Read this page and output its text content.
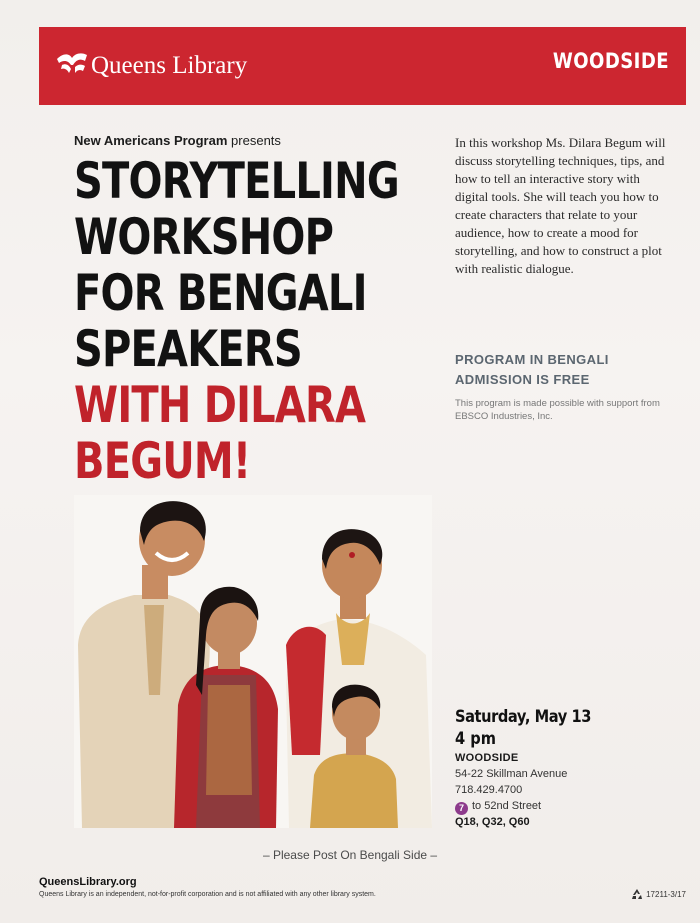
Queens Library	WOODSIDE
New Americans Program presents
STORYTELLING
WORKSHOP
FOR BENGALI
SPEAKERS
WITH DILARA
BEGUM!
In this workshop Ms. Dilara Begum will discuss storytelling techniques, tips, and how to tell an interactive story with digital tools. She will teach you how to create characters that relate to your audience, how to create a mood for storytelling, and how to construct a plot with realistic dialogue.
PROGRAM IN BENGALI
ADMISSION IS FREE
This program is made possible with support from EBSCO Industries, Inc.
Saturday, May 13
4 pm
WOODSIDE
54-22 Skillman Avenue
718.429.4700
7 to 52nd Street
Q18, Q32, Q60
– Please Post On Bengali Side –
QueensLibrary.org
Queens Library is an independent, not-for-profit corporation and is not affiliated with any other library system.	17211-3/17
